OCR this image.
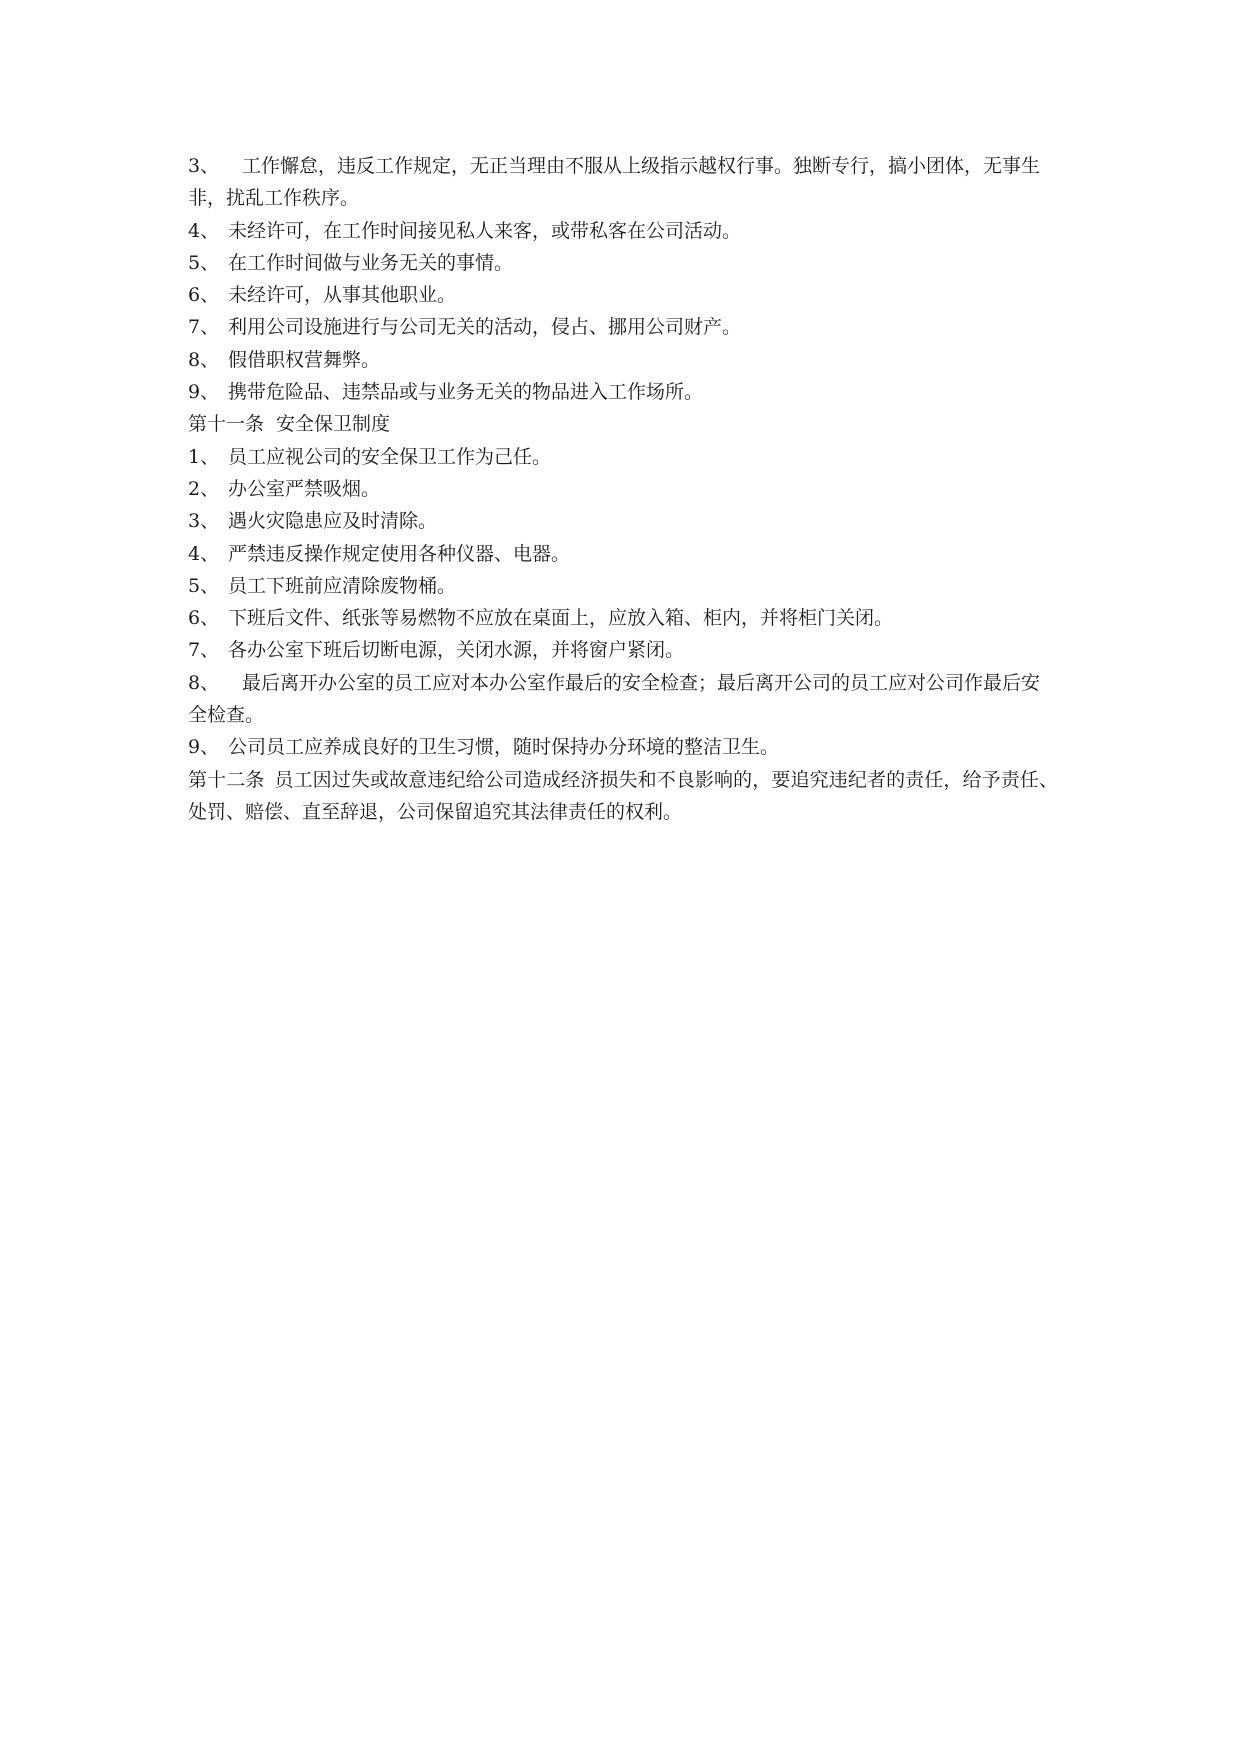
3、 工作懈怠，违反工作规定，无正当理由不服从上级指示越权行事。独断专行，搞小团体，无事生非，扰乱工作秩序。
4、 未经许可，在工作时间接见私人来客，或带私客在公司活动。
5、 在工作时间做与业务无关的事情。
6、 未经许可，从事其他职业。
7、 利用公司设施进行与公司无关的活动，侵占、挪用公司财产。
8、 假借职权营舞弊。
9、 携带危险品、违禁品或与业务无关的物品进入工作场所。
第十一条 安全保卫制度
1、 员工应视公司的安全保卫工作为己任。
2、 办公室严禁吸烟。
3、 遇火灾隐患应及时清除。
4、 严禁违反操作规定使用各种仪器、电器。
5、 员工下班前应清除废物桶。
6、 下班后文件、纸张等易燃物不应放在桌面上，应放入箱、柜内，并将柜门关闭。
7、 各办公室下班后切断电源，关闭水源，并将窗户紧闭。
8、 最后离开办公室的员工应对本办公室作最后的安全检查；最后离开公司的员工应对公司作最后安全检查。
9、 公司员工应养成良好的卫生习惯，随时保持办分环境的整洁卫生。
第十二条 员工因过失或故意违纪给公司造成经济损失和不良影响的，要追究违纪者的责任，给予责任、处罚、赔偿、直至辞退，公司保留追究其法律责任的权利。
